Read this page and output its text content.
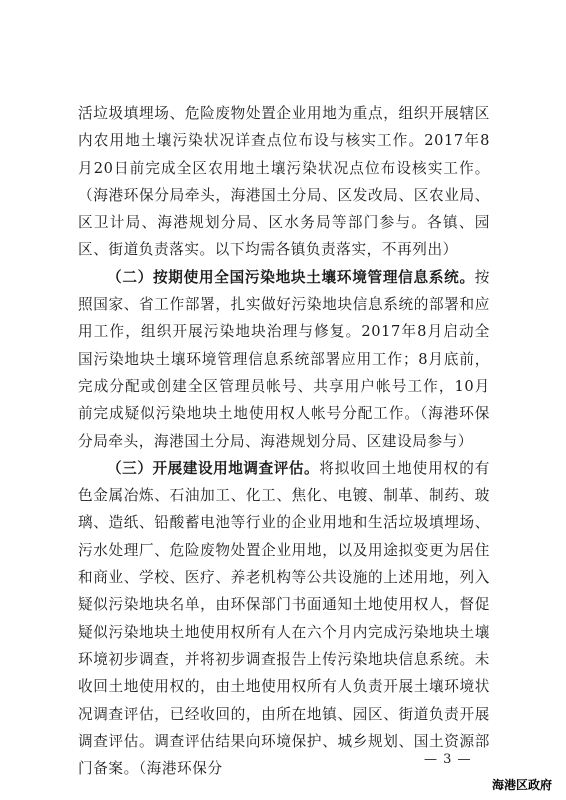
活垃圾填埋场、危险废物处置企业用地为重点，组织开展辖区内农用地土壤污染状况详查点位布设与核实工作。2017年8月20日前完成全区农用地土壤污染状况点位布设核实工作。（海港环保分局牵头，海港国土分局、区发改局、区农业局、区卫计局、海港规划分局、区水务局等部门参与。各镇、园区、街道负责落实。以下均需各镇负责落实，不再列出）

（二）按期使用全国污染地块土壤环境管理信息系统。按照国家、省工作部署，扎实做好污染地块信息系统的部署和应用工作，组织开展污染地块治理与修复。2017年8月启动全国污染地块土壤环境管理信息系统部署应用工作；8月底前，完成分配或创建全区管理员帐号、共享用户帐号工作，10月前完成疑似污染地块土地使用权人帐号分配工作。（海港环保分局牵头，海港国土分局、海港规划分局、区建设局参与）

（三）开展建设用地调查评估。将拟收回土地使用权的有色金属冶炼、石油加工、化工、焦化、电镀、制革、制药、玻璃、造纸、铅酸蓄电池等行业的企业用地和生活垃圾填埋场、污水处理厂、危险废物处置企业用地，以及用途拟变更为居住和商业、学校、医疗、养老机构等公共设施的上述用地，列入疑似污染地块名单，由环保部门书面通知土地使用权人，督促疑似污染地块土地使用权所有人在六个月内完成污染地块土壤环境初步调查，并将初步调查报告上传污染地块信息系统。未收回土地使用权的，由土地使用权所有人负责开展土壤环境状况调查评估，已经收回的，由所在地镇、园区、街道负责开展调查评估。调查评估结果向环境保护、城乡规划、国土资源部门备案。（海港环保分

— 3 —
海港区政府
